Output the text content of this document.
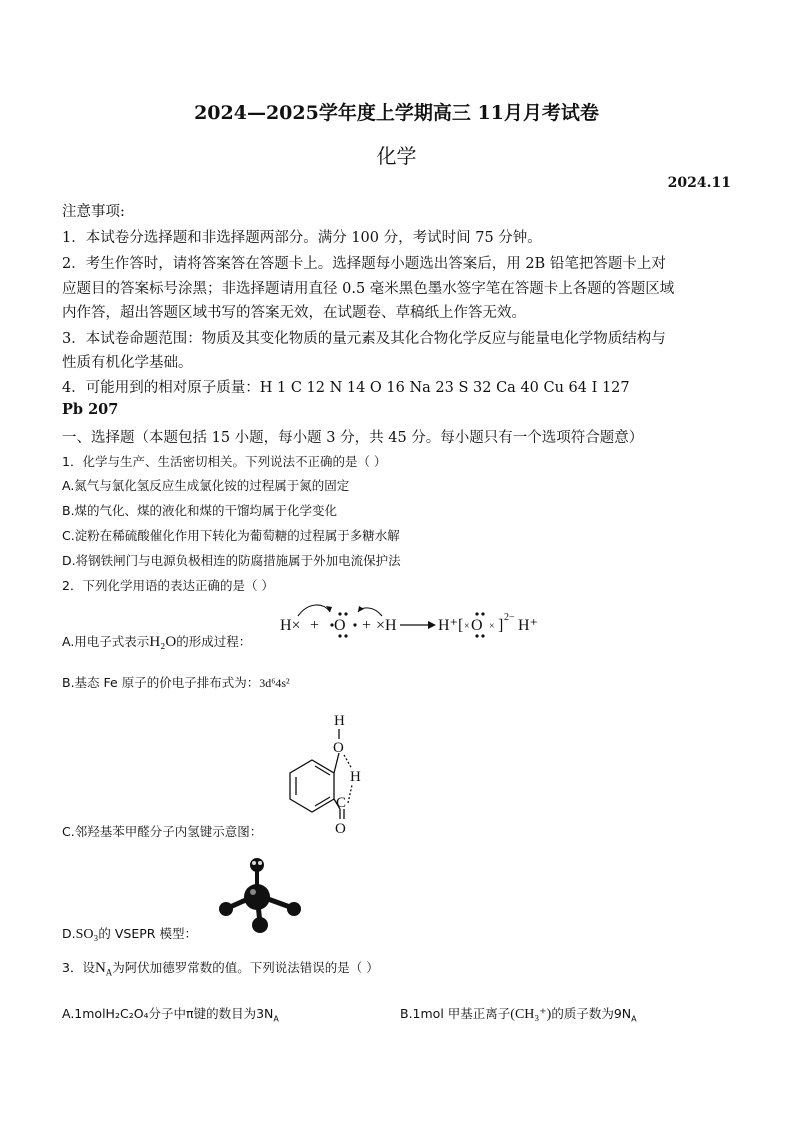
2024—2025学年度上学期高三 11月月考试卷
化学
2024.11
注意事项:
1．本试卷分选择题和非选择题两部分。满分 100 分，考试时间 75 分钟。
2．考生作答时，请将答案答在答题卡上。选择题每小题选出答案后，用 2B 铅笔把答题卡上对
应题目的答案标号涂黑；非选择题请用直径 0.5 毫米黑色墨水签字笔在答题卡上各题的答题区域
内作答，超出答题区域书写的答案无效，在试题卷、草稿纸上作答无效。
3．本试卷命题范围：物质及其变化物质的量元素及其化合物化学反应与能量电化学物质结构与
性质有机化学基础。
4．可能用到的相对原子质量：H 1 C 12 N 14 O 16 Na 23 S 32 Ca 40 Cu 64 I 127
Pb 207
一、选择题（本题包括 15 小题，每小题 3 分，共 45 分。每小题只有一个选项符合题意）
1．化学与生产、生活密切相关。下列说法不正确的是（ ）
A.氮气与氯化氢反应生成氯化铵的过程属于氮的固定
B.煤的气化、煤的液化和煤的干馏均属于化学变化
C.淀粉在稀硫酸催化作用下转化为葡萄糖的过程属于多糖水解
D.将钢铁闸门与电源负极相连的防腐措施属于外加电流保护法
2．下列化学用语的表达正确的是（ ）
A.用电子式表示H₂O的形成过程：
H× + O + ×H	H⁺ [ O
× × ] 2− H⁺
B.基态 Fe 原子的价电子排布式为：3d⁶4s²
C.邻羟基苯甲醛分子内氢键示意图：
H
O
H
C
O
D.SO₃的 VSEPR 模型：
3．设$N_A$为阿伏加德罗常数的值。下列说法错误的是（ ）
A.1molH₂C₂O₄分子中π键的数目为$3N_A$	B.1mol 甲基正离子(CH₃⁺)的质子数为$9N_A$
